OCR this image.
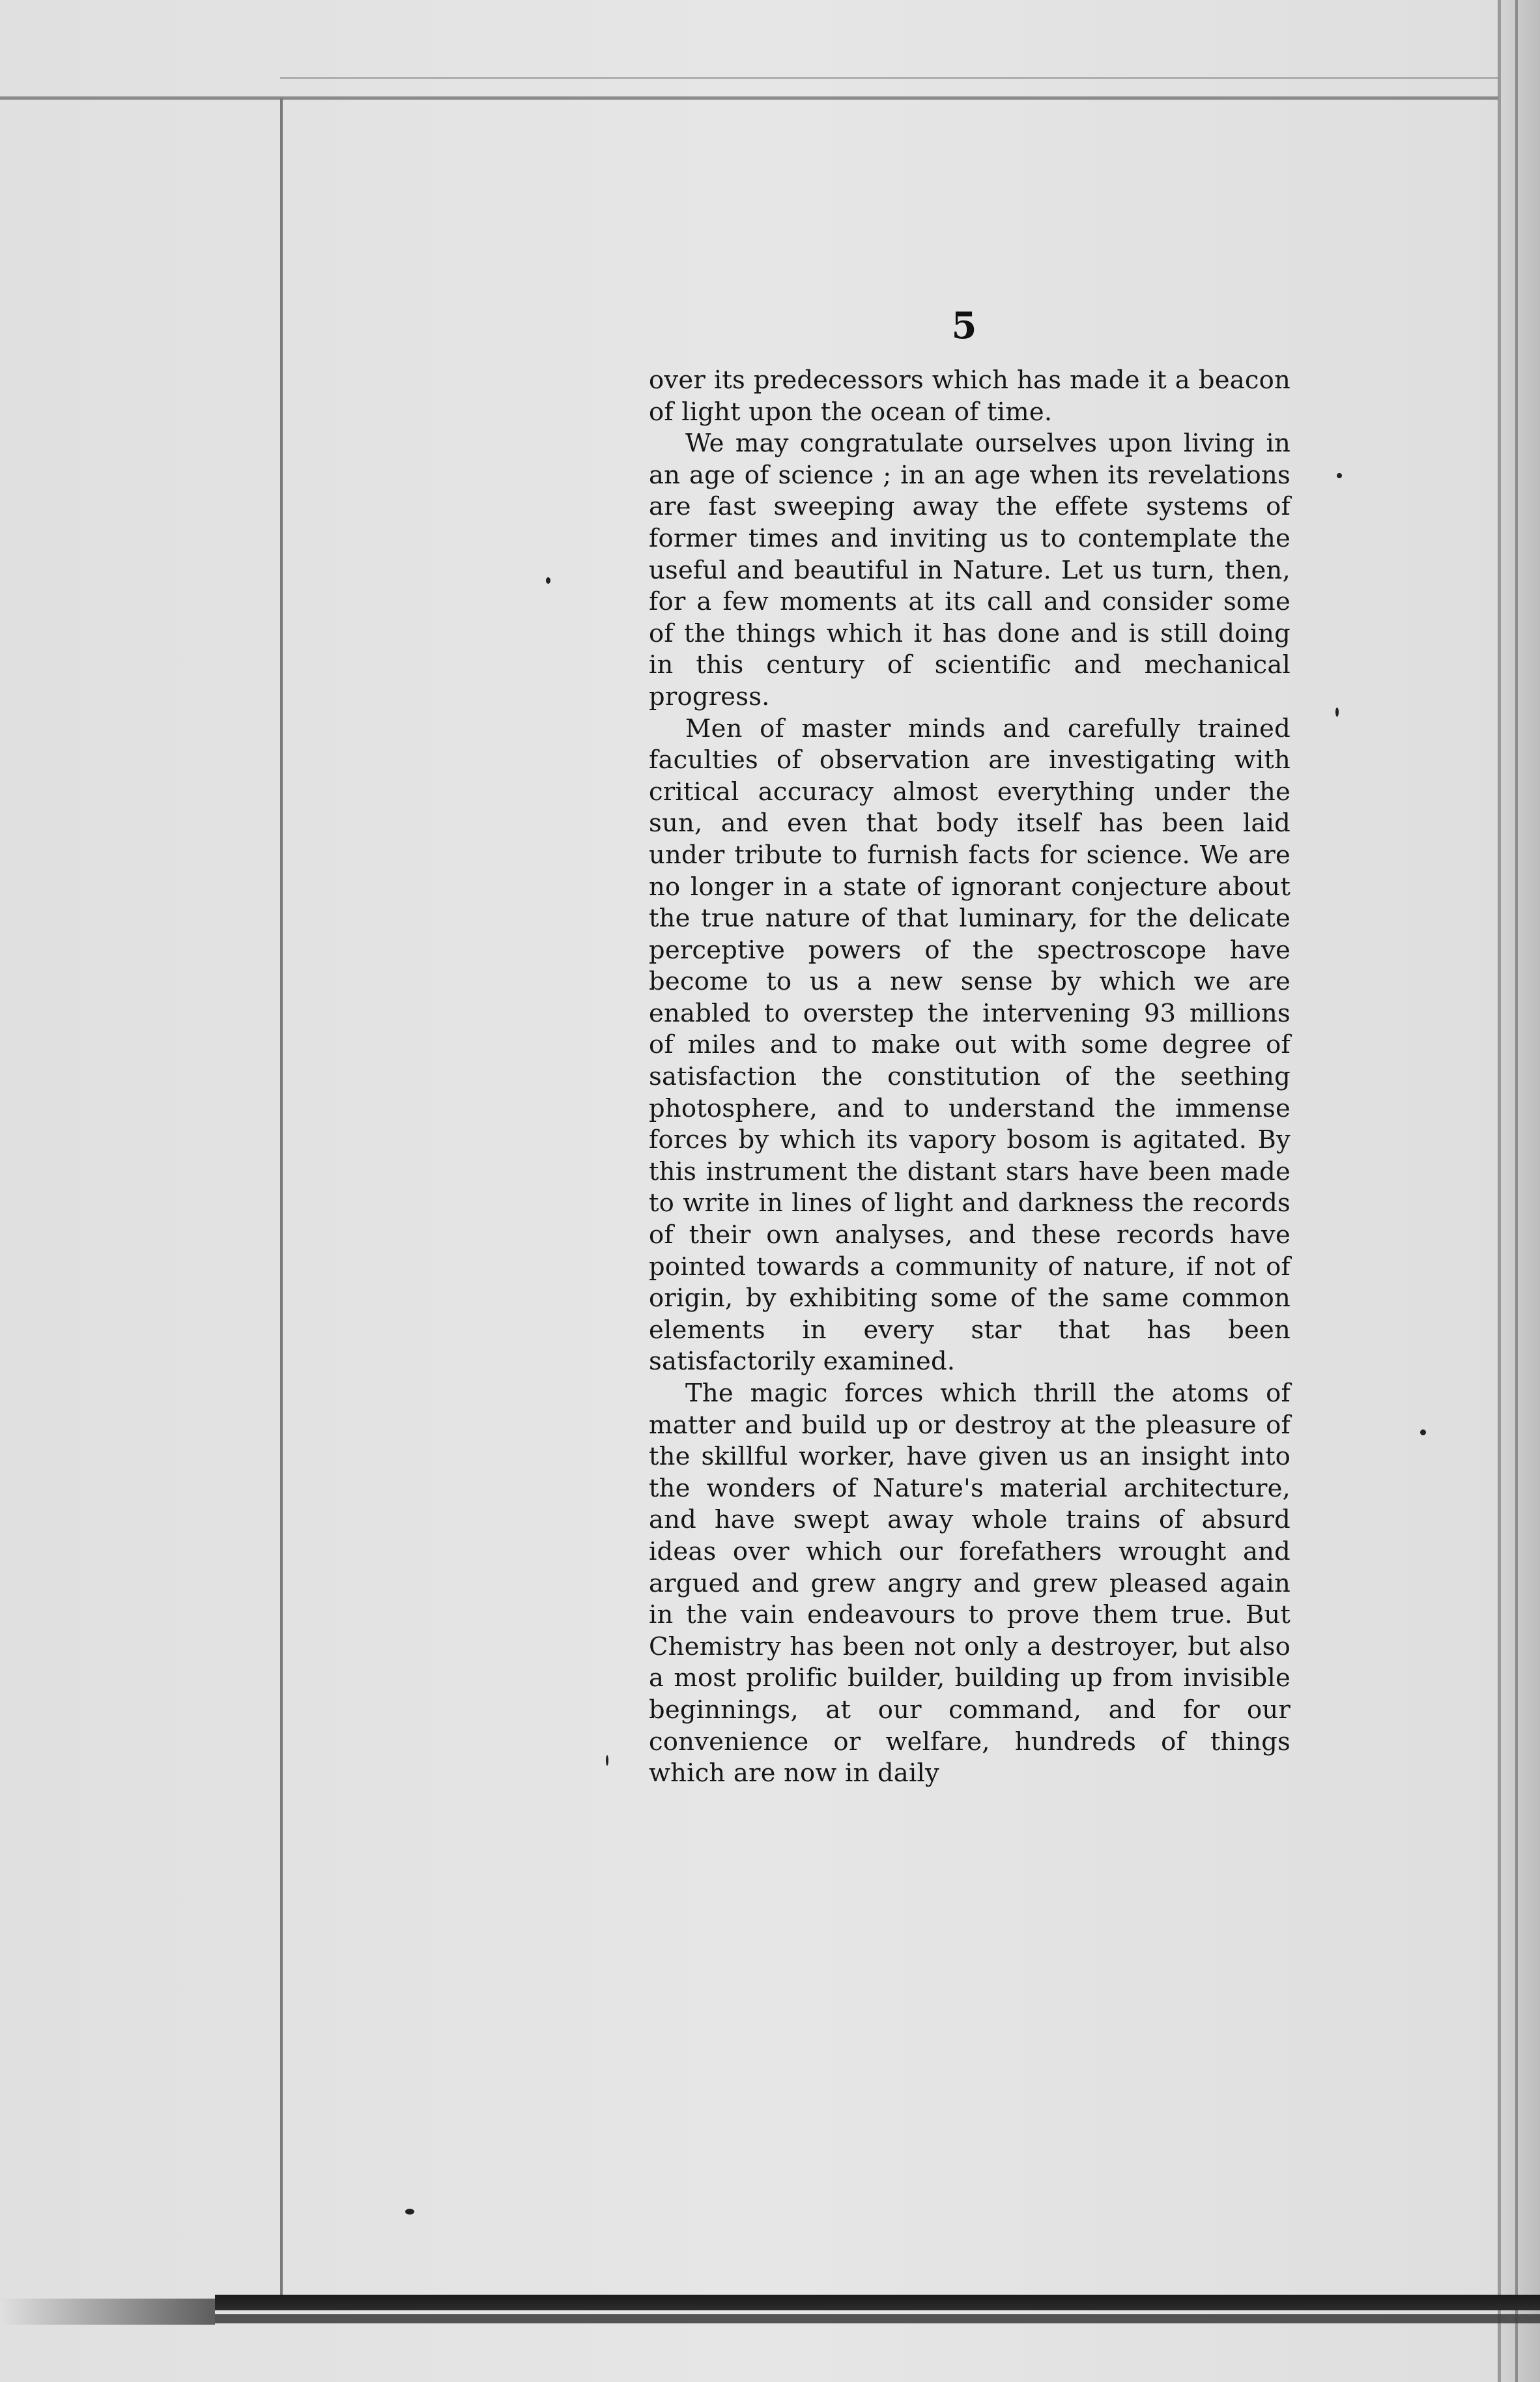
5

over its predecessors which has made it a beacon of light upon the ocean of time.

We may congratulate ourselves upon living in an age of science ; in an age when its revelations are fast sweeping away the effete systems of former times and inviting us to contemplate the useful and beautiful in Nature. Let us turn, then, for a few moments at its call and consider some of the things which it has done and is still doing in this century of scientific and mechanical progress.

Men of master minds and carefully trained faculties of observation are investigating with critical accuracy almost everything under the sun, and even that body itself has been laid under tribute to furnish facts for science. We are no longer in a state of ignorant conjecture about the true nature of that luminary, for the delicate perceptive powers of the spectroscope have become to us a new sense by which we are enabled to overstep the intervening 93 millions of miles and to make out with some degree of satisfaction the constitution of the seething photosphere, and to understand the immense forces by which its vapory bosom is agitated. By this instrument the distant stars have been made to write in lines of light and darkness the records of their own analyses, and these records have pointed towards a community of nature, if not of origin, by exhibiting some of the same common elements in every star that has been satisfactorily examined.

The magic forces which thrill the atoms of matter and build up or destroy at the pleasure of the skillful worker, have given us an insight into the wonders of Nature's material architecture, and have swept away whole trains of absurd ideas over which our forefathers wrought and argued and grew angry and grew pleased again in the vain endeavours to prove them true. But Chemistry has been not only a destroyer, but also a most prolific builder, building up from invisible beginnings, at our command, and for our convenience or welfare, hundreds of things which are now in daily
